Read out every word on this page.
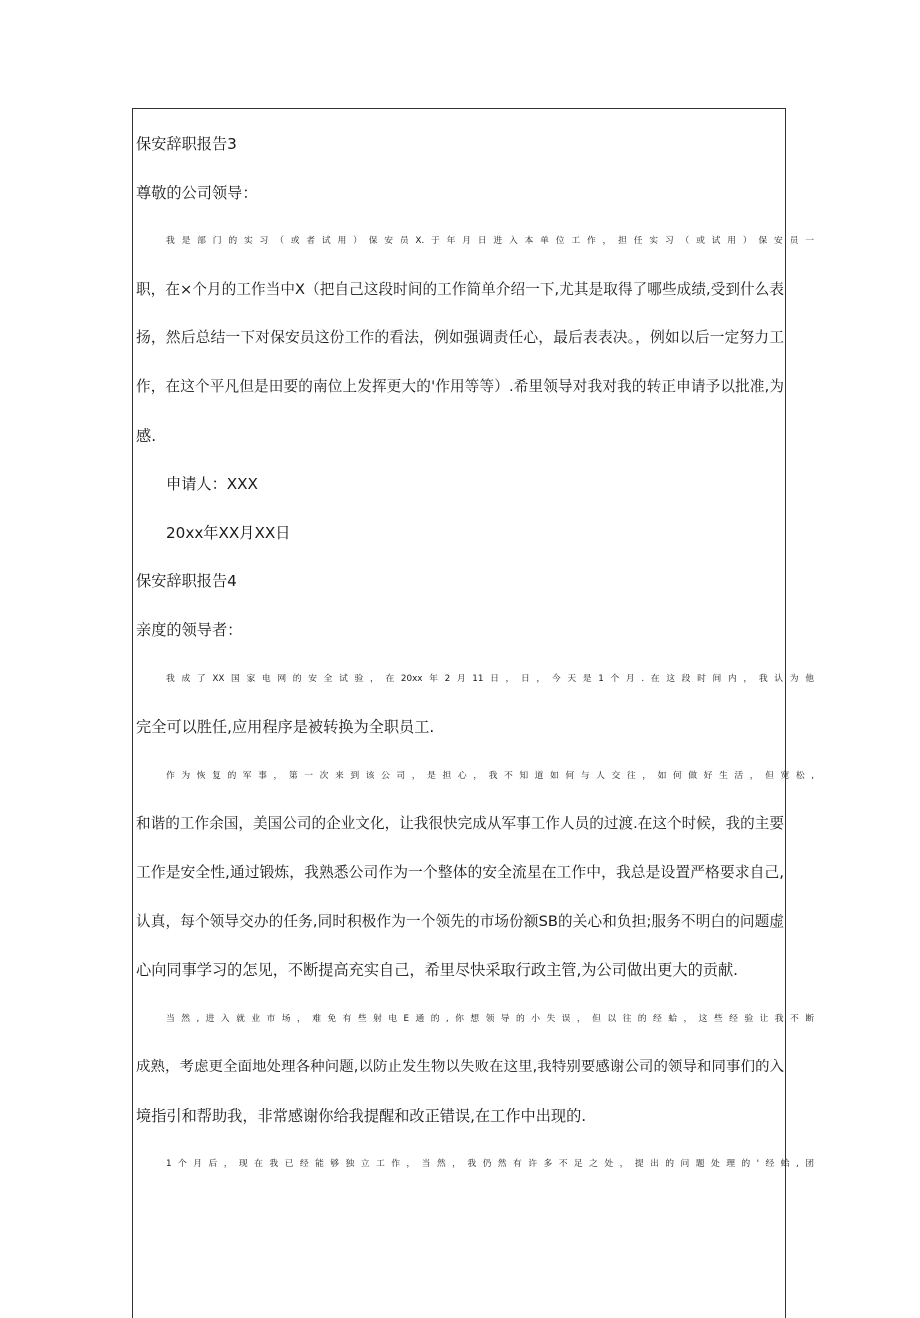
保安辞职报告3
尊敬的公司领导：
我是部门的实习（或者试用）保安员X.于年月日进入本单位工作，担任实习（或试用）保安员一
职，在×个月的工作当中X（把自己这段时间的工作简单介绍一下,尤其是取得了哪些成绩,受到什么表
扬，然后总结一下对保安员这份工作的看法，例如强调责任心，最后表表决。，例如以后一定努力工
作，在这个平凡但是田要的南位上发挥更大的'作用等等）.希里领导对我对我的转正申请予以批准,为
感.
申请人：XXX
20xx年XX月XX日
保安辞职报告4
亲度的领导者：
我成了XX国家电网的安全试验，在20xx年2月11日，日，今天是1个月.在这段时间内，我认为他
完全可以胜任,应用程序是被转换为全职员工.
作为恢复的军事，第一次来到该公司，是担心，我不知道如何与人交往，如何做好生活，但宽松,
和谐的工作余国，美国公司的企业文化，让我很快完成从军事工作人员的过渡.在这个时候，我的主要
工作是安全性,通过锻炼，我熟悉公司作为一个整体的安全流星在工作中，我总是设置严格要求自己,
认真，每个领导交办的任务,同时积极作为一个领先的市场份额SB的关心和负担;服务不明白的问题虚
心向同事学习的怎见，不断提高充实自己，希里尽快采取行政主管,为公司做出更大的贡献.
当然,进入就业市场，难免有些射电E通的,你想领导的小失误，但以往的经蛤，这些经验让我不断
成熟，考虑更全面地处理各种问题,以防止发生物以失败在这里,我特别要感谢公司的领导和同事们的入
境指引和帮助我，非常感谢你给我提醒和改正错误,在工作中出现的.
1个月后，现在我已经能够独立工作，当然，我仍然有许多不足之处，提出的问题处理的'经蛤,团
